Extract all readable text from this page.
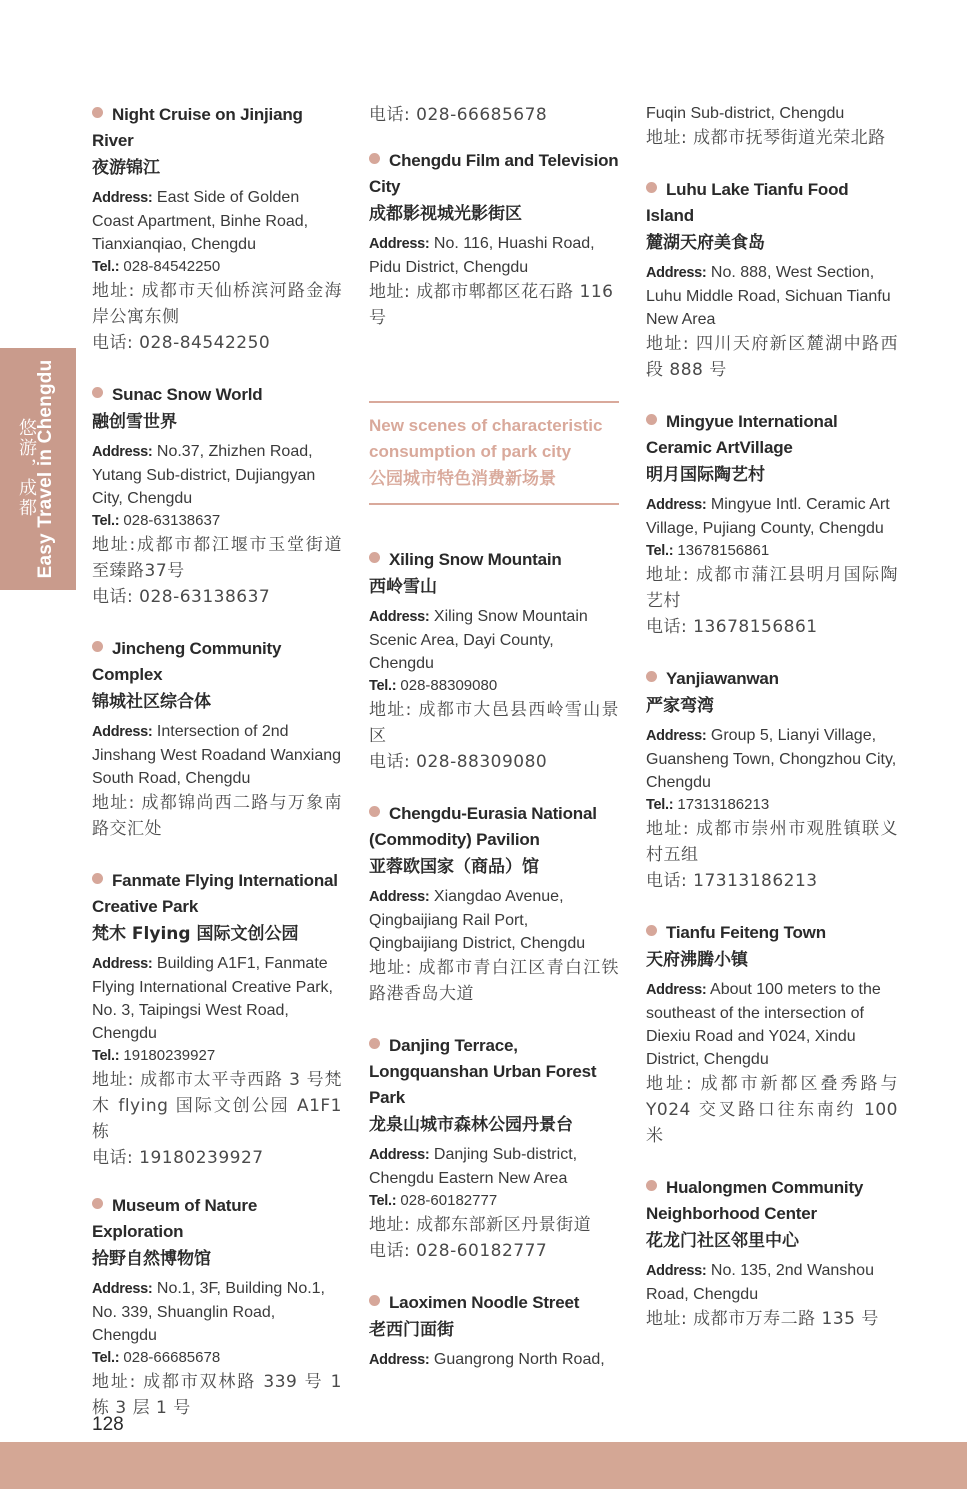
Easy Travel in Chengdu
悠游，成都
Night Cruise on Jinjiang River
夜游锦江
Address: East Side of Golden Coast Apartment, Binhe Road, Tianxianqiao, Chengdu
Tel.: 028-84542250
地址: 成都市天仙桥滨河路金海岸公寓东侧
电话: 028-84542250
Sunac Snow World
融创雪世界
Address: No.37, Zhizhen Road, Yutang Sub-district, Dujiangyan City, Chengdu
Tel.: 028-63138637
地址:成都市都江堰市玉堂街道至臻路37号
电话: 028-63138637
Jincheng Community Complex
锦城社区综合体
Address: Intersection of 2nd Jinshang West Roadand Wanxiang South Road, Chengdu
地址: 成都锦尚西二路与万象南路交汇处
Fanmate Flying International Creative Park
梵木 Flying 国际文创公园
Address: Building A1F1, Fanmate Flying International Creative Park, No. 3, Taipingsi West Road, Chengdu
Tel.: 19180239927
地址: 成都市太平寺西路 3 号梵木 flying 国际文创公园 A1F1 栋
电话: 19180239927
Museum of Nature Exploration
拾野自然博物馆
Address: No.1, 3F, Building No.1, No. 339, Shuanglin Road, Chengdu
Tel.: 028-66685678
地址: 成都市双林路 339 号 1 栋 3 层 1 号
电话: 028-66685678
Chengdu Film and Television City
成都影视城光影街区
Address: No. 116, Huashi Road, Pidu District, Chengdu
地址: 成都市郫都区花石路 116 号
New scenes of characteristic consumption of park city
公园城市特色消费新场景
Xiling Snow Mountain
西岭雪山
Address: Xiling Snow Mountain Scenic Area, Dayi County, Chengdu
Tel.: 028-88309080
地址: 成都市大邑县西岭雪山景区
电话: 028-88309080
Chengdu-Eurasia National (Commodity) Pavilion
亚蓉欧国家（商品）馆
Address: Xiangdao Avenue, Qingbaijiang Rail Port, Qingbaijiang District, Chengdu
地址: 成都市青白江区青白江铁路港香岛大道
Danjing Terrace, Longquanshan Urban Forest Park
龙泉山城市森林公园丹景台
Address: Danjing Sub-district, Chengdu Eastern New Area
Tel.: 028-60182777
地址: 成都东部新区丹景街道
电话: 028-60182777
Laoximen Noodle Street
老西门面街
Address: Guangrong North Road,
Fuqin Sub-district, Chengdu
地址: 成都市抚琴街道光荣北路
Luhu Lake Tianfu Food Island
麓湖天府美食岛
Address: No. 888, West Section, Luhu Middle Road, Sichuan Tianfu New Area
地址: 四川天府新区麓湖中路西段 888 号
Mingyue International Ceramic ArtVillage
明月国际陶艺村
Address: Mingyue Intl. Ceramic Art Village, Pujiang County, Chengdu
Tel.: 13678156861
地址: 成都市蒲江县明月国际陶艺村
电话: 13678156861
Yanjiawanwan
严家弯湾
Address: Group 5, Lianyi Village, Guansheng Town, Chongzhou City, Chengdu
Tel.: 17313186213
地址: 成都市崇州市观胜镇联义村五组
电话: 17313186213
Tianfu Feiteng Town
天府沸腾小镇
Address: About 100 meters to the southeast of the intersection of Diexiu Road and Y024, Xindu District, Chengdu
地址: 成都市新都区叠秀路与 Y024 交叉路口往东南约 100 米
Hualongmen Community Neighborhood Center
花龙门社区邻里中心
Address: No. 135, 2nd Wanshou Road, Chengdu
地址: 成都市万寿二路 135 号
128
